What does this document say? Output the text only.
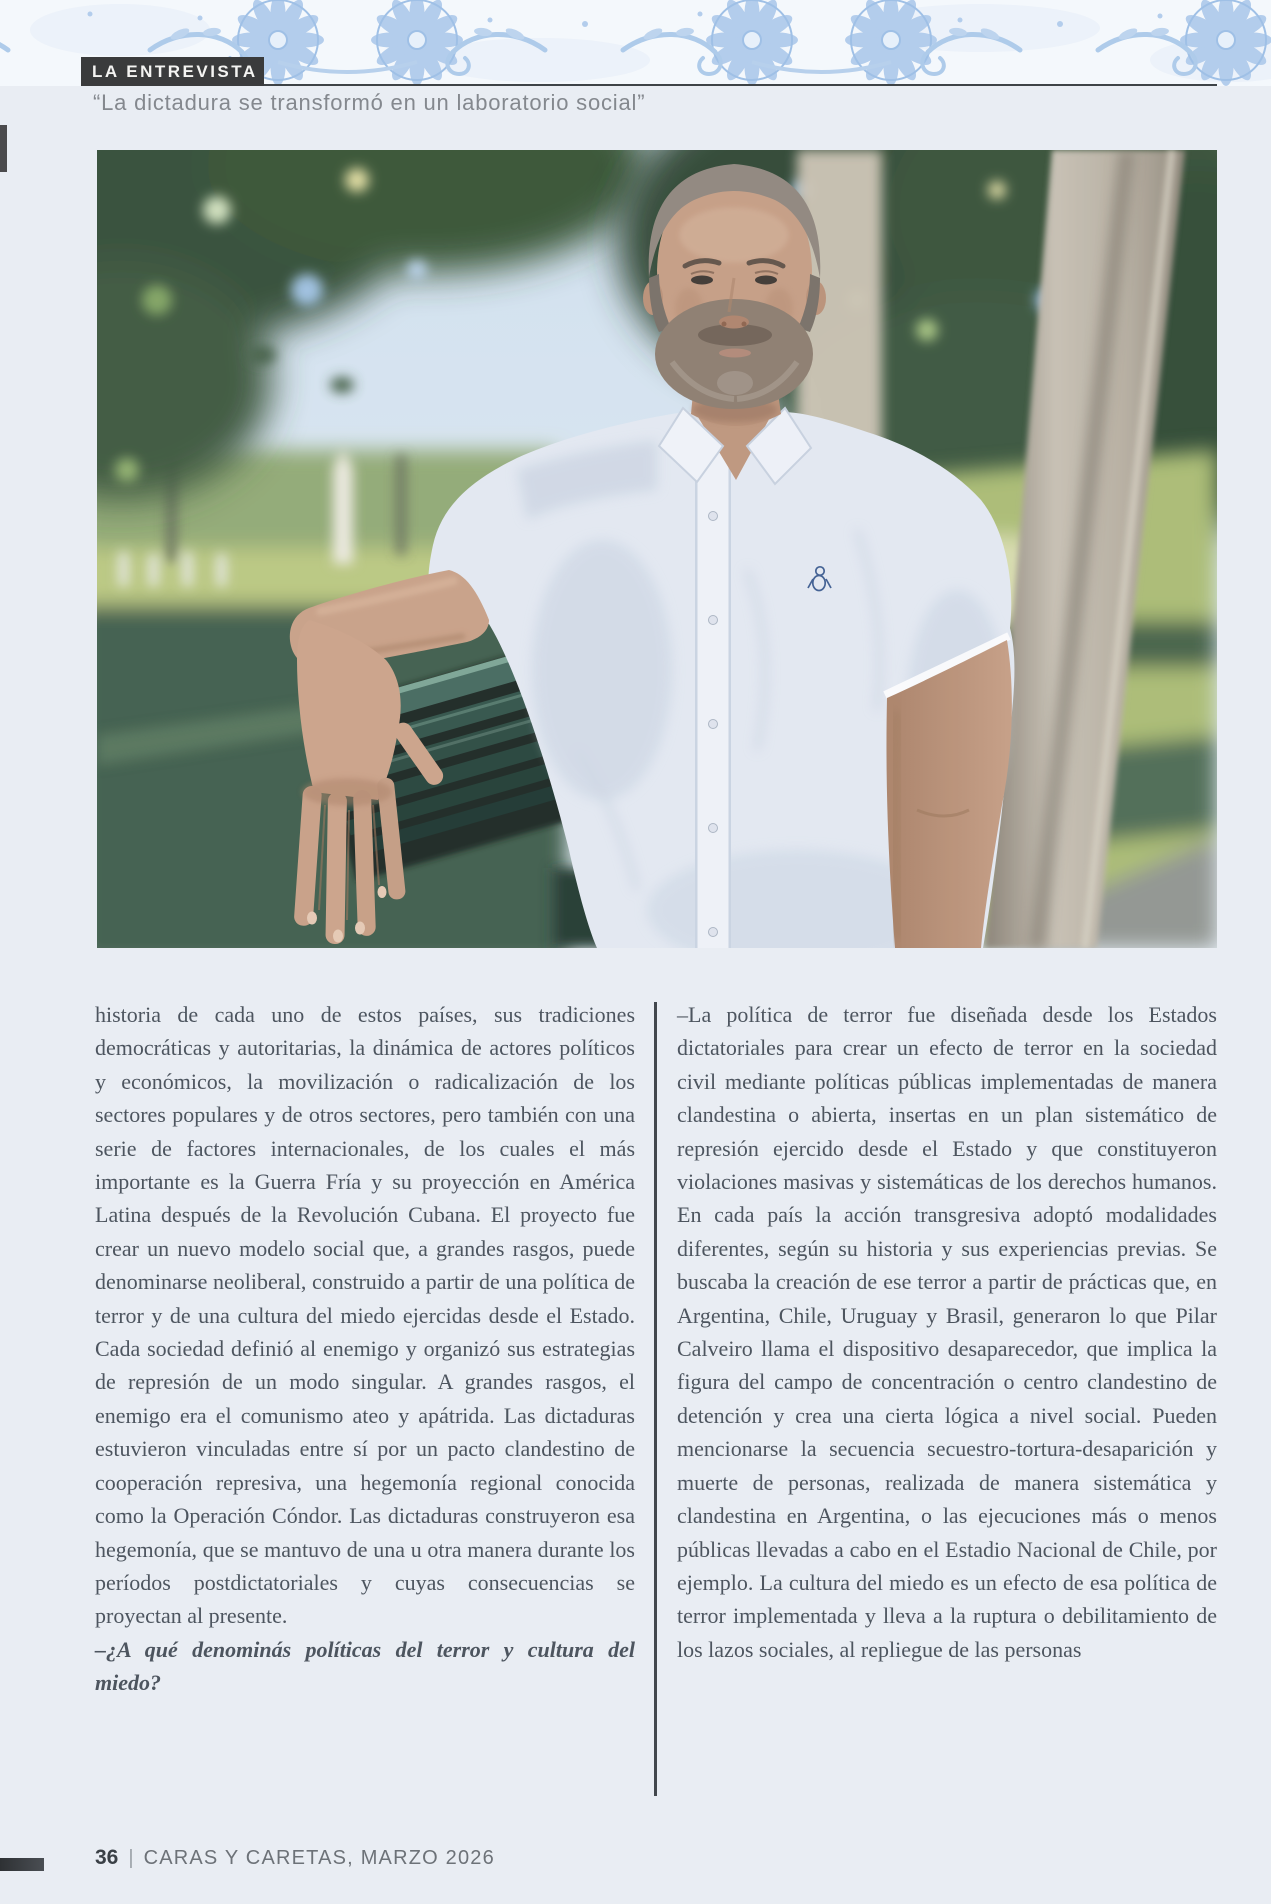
LA ENTREVISTA
“La dictadura se transformó en un laboratorio social”

historia de cada uno de estos países, sus tradiciones democráticas y autoritarias, la dinámica de actores políticos y económicos, la movilización o radicalización de los sectores populares y de otros sectores, pero también con una serie de factores internacionales, de los cuales el más importante es la Guerra Fría y su proyección en América Latina después de la Revolución Cubana. El proyecto fue crear un nuevo modelo social que, a grandes rasgos, puede denominarse neoliberal, construido a partir de una política de terror y de una cultura del miedo ejercidas desde el Estado. Cada sociedad definió al enemigo y organizó sus estrategias de represión de un modo singular. A grandes rasgos, el enemigo era el comunismo ateo y apátrida. Las dictaduras estuvieron vinculadas entre sí por un pacto clandestino de cooperación represiva, una hegemonía regional conocida como la Operación Cóndor. Las dictaduras construyeron esa hegemonía, que se mantuvo de una u otra manera durante los períodos postdictatoriales y cuyas consecuencias se proyectan al presente.

–¿A qué denominás políticas del terror y cultura del miedo?

–La política de terror fue diseñada desde los Estados dictatoriales para crear un efecto de terror en la sociedad civil mediante políticas públicas implementadas de manera clandestina o abierta, insertas en un plan sistemático de represión ejercido desde el Estado y que constituyeron violaciones masivas y sistemáticas de los derechos humanos. En cada país la acción transgresiva adoptó modalidades diferentes, según su historia y sus experiencias previas. Se buscaba la creación de ese terror a partir de prácticas que, en Argentina, Chile, Uruguay y Brasil, generaron lo que Pilar Calveiro llama el dispositivo desaparecedor, que implica la figura del campo de concentración o centro clandestino de detención y crea una cierta lógica a nivel social. Pueden mencionarse la secuencia secuestro-tortura-desaparición y muerte de personas, realizada de manera sistemática y clandestina en Argentina, o las ejecuciones más o menos públicas llevadas a cabo en el Estadio Nacional de Chile, por ejemplo. La cultura del miedo es un efecto de esa política de terror implementada y lleva a la ruptura o debilitamiento de los lazos sociales, al repliegue de las personas

36 | CARAS Y CARETAS, MARZO 2026
